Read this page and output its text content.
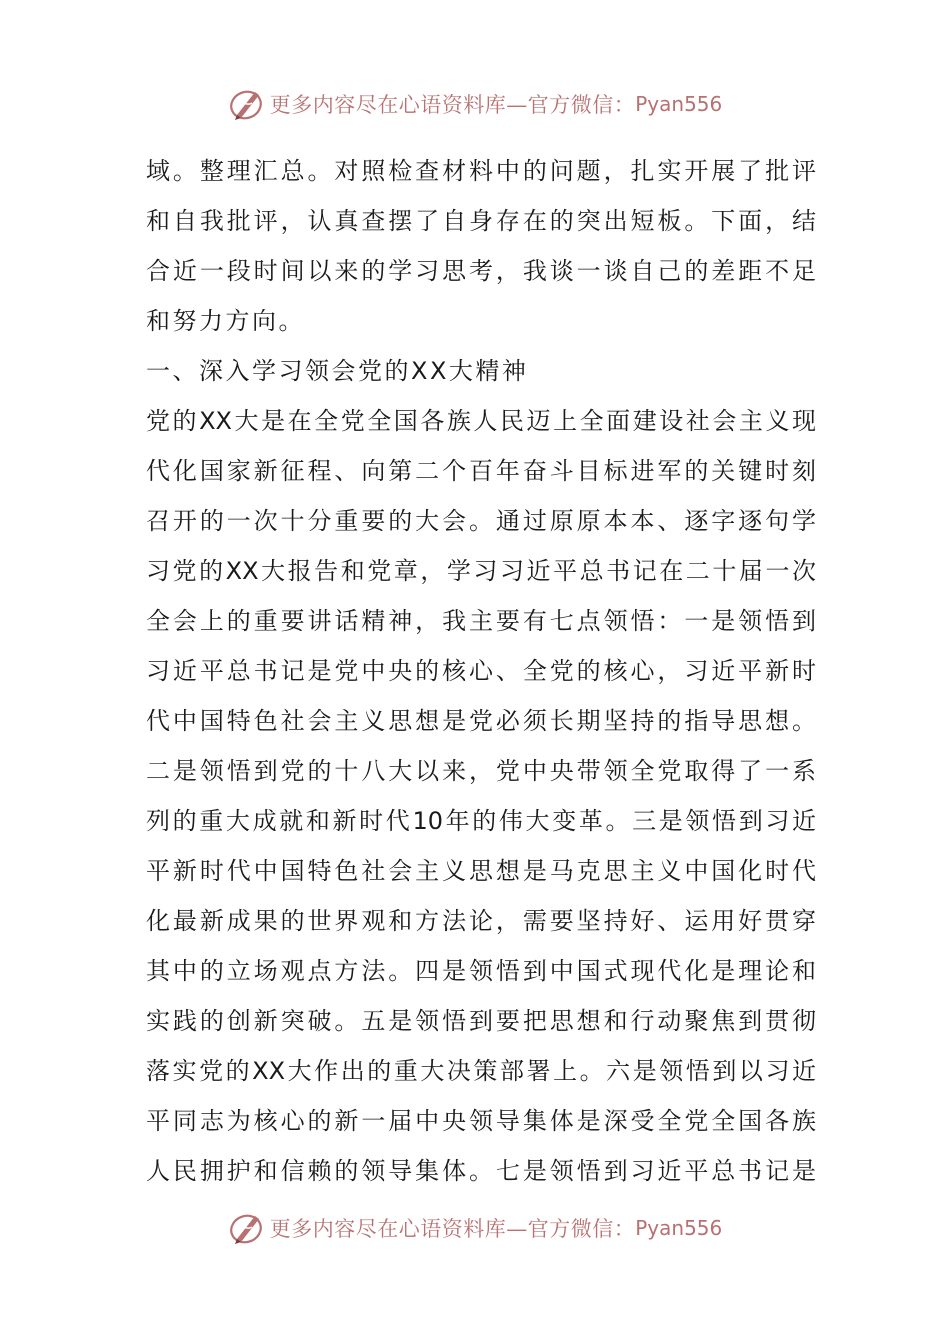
更多内容尽在心语资料库—官方微信： Pyan556
域。整理汇总。对照检查材料中的问题，扎实开展了批评
和自我批评，认真查摆了自身存在的突出短板。下面，结
合近一段时间以来的学习思考，我谈一谈自己的差距不足
和努力方向。
一、深入学习领会党的XX大精神
党的XX大是在全党全国各族人民迈上全面建设社会主义现
代化国家新征程、向第二个百年奋斗目标进军的关键时刻
召开的一次十分重要的大会。通过原原本本、逐字逐句学
习党的XX大报告和党章，学习习近平总书记在二十届一次
全会上的重要讲话精神，我主要有七点领悟：一是领悟到
习近平总书记是党中央的核心、全党的核心，习近平新时
代中国特色社会主义思想是党必须长期坚持的指导思想。
二是领悟到党的十八大以来，党中央带领全党取得了一系
列的重大成就和新时代10年的伟大变革。三是领悟到习近
平新时代中国特色社会主义思想是马克思主义中国化时代
化最新成果的世界观和方法论，需要坚持好、运用好贯穿
其中的立场观点方法。四是领悟到中国式现代化是理论和
实践的创新突破。五是领悟到要把思想和行动聚焦到贯彻
落实党的XX大作出的重大决策部署上。六是领悟到以习近
平同志为核心的新一届中央领导集体是深受全党全国各族
人民拥护和信赖的领导集体。七是领悟到习近平总书记是
更多内容尽在心语资料库—官方微信： Pyan556
